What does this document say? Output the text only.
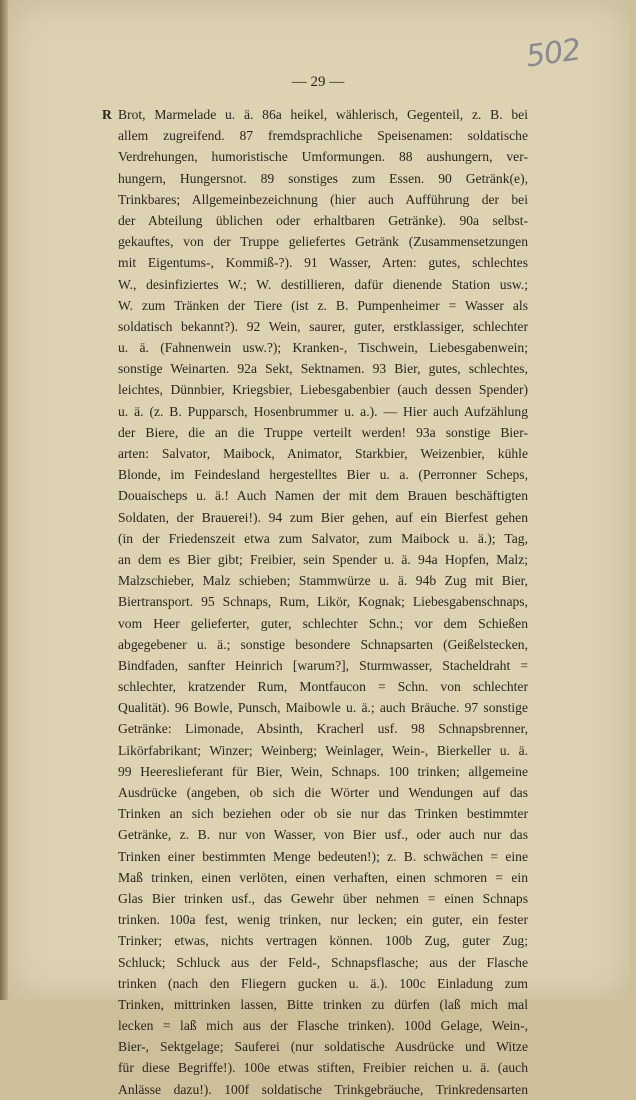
502
— 29 —
R Brot, Marmelade u. ä. 86a heikel, wählerisch, Gegenteil, z. B. bei
allem zugreifend. 87 fremdsprachliche Speisenamen: soldatische
Verdrehungen, humoristische Umformungen. 88 aushungern, ver-
hungern, Hungersnot. 89 sonstiges zum Essen. 90 Getränk(e),
Trinkbares; Allgemeinbezeichnung (hier auch Aufführung der bei
der Abteilung üblichen oder erhaltbaren Getränke). 90a selbst-
gekauftes, von der Truppe geliefertes Getränk (Zusammensetzungen
mit Eigentums-, Kommiß-?). 91 Wasser, Arten: gutes, schlechtes
W., desinfiziertes W.; W. destillieren, dafür dienende Station usw.;
W. zum Tränken der Tiere (ist z. B. Pumpenheimer = Wasser als
soldatisch bekannt?). 92 Wein, saurer, guter, erstklassiger, schlechter
u. ä. (Fahnenwein usw.?); Kranken-, Tischwein, Liebesgabenwein;
sonstige Weinarten. 92a Sekt, Sektnamen. 93 Bier, gutes, schlechtes,
leichtes, Dünnbier, Kriegsbier, Liebesgabenbier (auch dessen Spender)
u. ä. (z. B. Pupparsch, Hosenbrummer u. a.). — Hier auch Aufzählung
der Biere, die an die Truppe verteilt werden! 93a sonstige Bier-
arten: Salvator, Maibock, Animator, Starkbier, Weizenbier, kühle
Blonde, im Feindesland hergestelltes Bier u. a. (Perronner Scheps,
Douaischeps u. ä.! Auch Namen der mit dem Brauen beschäftigten
Soldaten, der Brauerei!). 94 zum Bier gehen, auf ein Bierfest gehen
(in der Friedenszeit etwa zum Salvator, zum Maibock u. ä.); Tag,
an dem es Bier gibt; Freibier, sein Spender u. ä. 94a Hopfen, Malz;
Malzschieber, Malz schieben; Stammwürze u. ä. 94b Zug mit Bier,
Biertransport. 95 Schnaps, Rum, Likör, Kognak; Liebesgabenschnaps,
vom Heer gelieferter, guter, schlechter Schn.; vor dem Schießen
abgegebener u. ä.; sonstige besondere Schnapsarten (Geißelstecken,
Bindfaden, sanfter Heinrich [warum?], Sturmwasser, Stacheldraht =
schlechter, kratzender Rum, Montfaucon = Schn. von schlechter
Qualität). 96 Bowle, Punsch, Maibowle u. ä.; auch Bräuche. 97 sonstige
Getränke: Limonade, Absinth, Kracherl usf. 98 Schnapsbrenner,
Likörfabrikant; Winzer; Weinberg; Weinlager, Wein-, Bierkeller u. ä.
99 Heereslieferant für Bier, Wein, Schnaps. 100 trinken; allgemeine
Ausdrücke (angeben, ob sich die Wörter und Wendungen auf das
Trinken an sich beziehen oder ob sie nur das Trinken bestimmter
Getränke, z. B. nur von Wasser, von Bier usf., oder auch nur das
Trinken einer bestimmten Menge bedeuten!); z. B. schwächen = eine
Maß trinken, einen verlöten, einen verhaften, einen schmoren = ein
Glas Bier trinken usf., das Gewehr über nehmen = einen Schnaps
trinken. 100a fest, wenig trinken, nur lecken; ein guter, ein fester
Trinker; etwas, nichts vertragen können. 100b Zug, guter Zug;
Schluck; Schluck aus der Feld-, Schnapsflasche; aus der Flasche
trinken (nach den Fliegern gucken u. ä.). 100c Einladung zum
Trinken, mittrinken lassen, Bitte trinken zu dürfen (laß mich mal
lecken = laß mich aus der Flasche trinken). 100d Gelage, Wein-,
Bier-, Sektgelage; Sauferei (nur soldatische Ausdrücke und Witze
für diese Begriffe!). 100e etwas stiften, Freibier reichen u. ä. (auch
Anlässe dazu!). 100f soldatische Trinkgebräuche, Trinkredensarten
